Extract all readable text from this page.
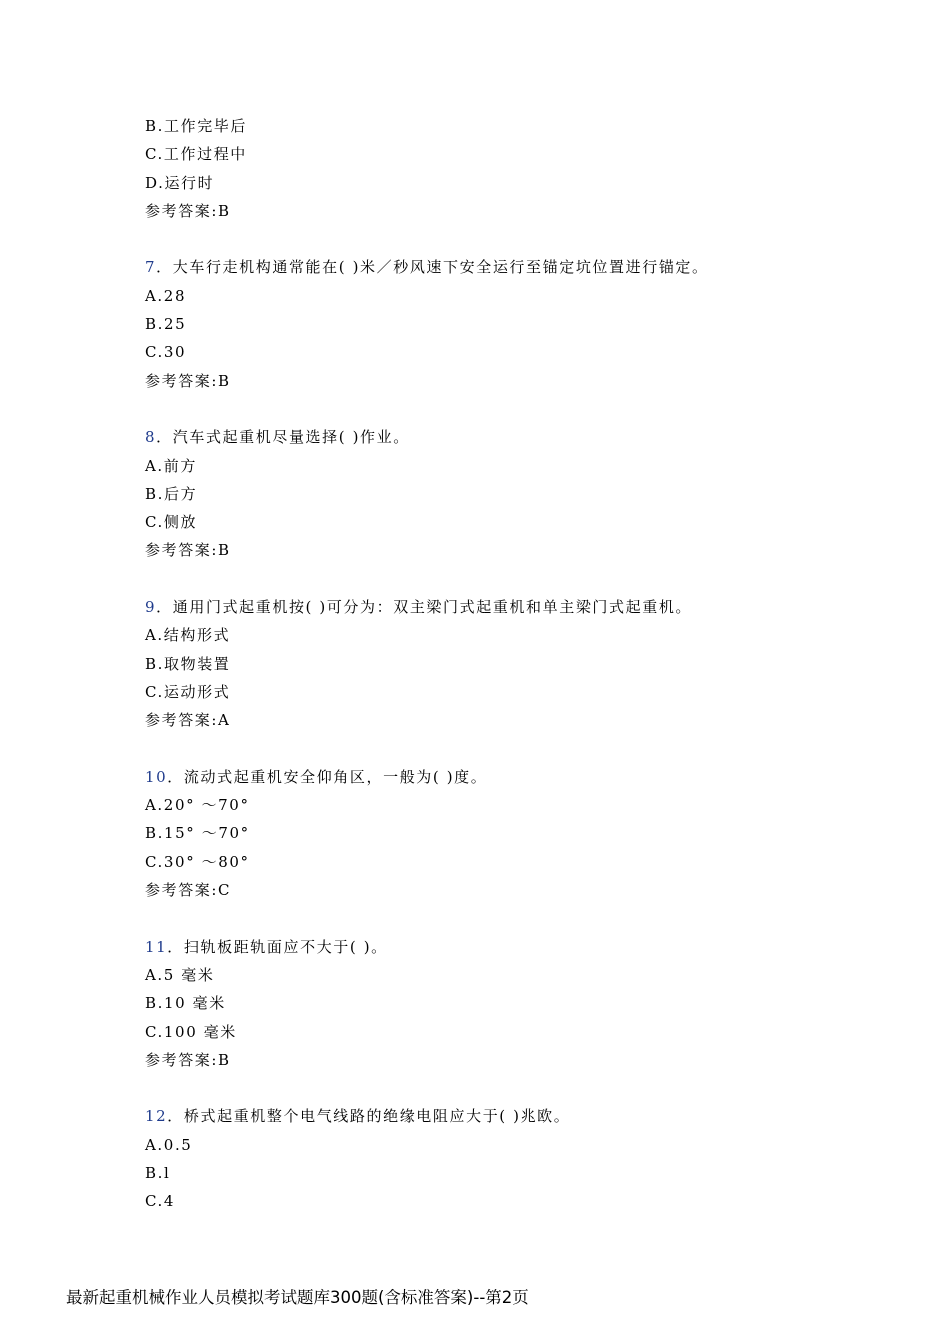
B.工作完毕后
C.工作过程中
D.运行时
参考答案:B
7．大车行走机构通常能在( )米／秒风速下安全运行至锚定坑位置进行锚定。
A.28
B.25
C.30
参考答案:B
8．汽车式起重机尽量选择( )作业。
A.前方
B.后方
C.侧放
参考答案:B
9．通用门式起重机按( )可分为：双主梁门式起重机和单主梁门式起重机。
A.结构形式
B.取物装置
C.运动形式
参考答案:A
10．流动式起重机安全仰角区，一般为( )度。
A.20° ～70°
B.15° ～70°
C.30° ～80°
参考答案:C
11．扫轨板距轨面应不大于( )。
A.5 毫米
B.10 毫米
C.100 毫米
参考答案:B
12．桥式起重机整个电气线路的绝缘电阻应大于( )兆欧。
A.0.5
B.l
C.4
最新起重机械作业人员模拟考试题库300题(含标准答案)--第2页
